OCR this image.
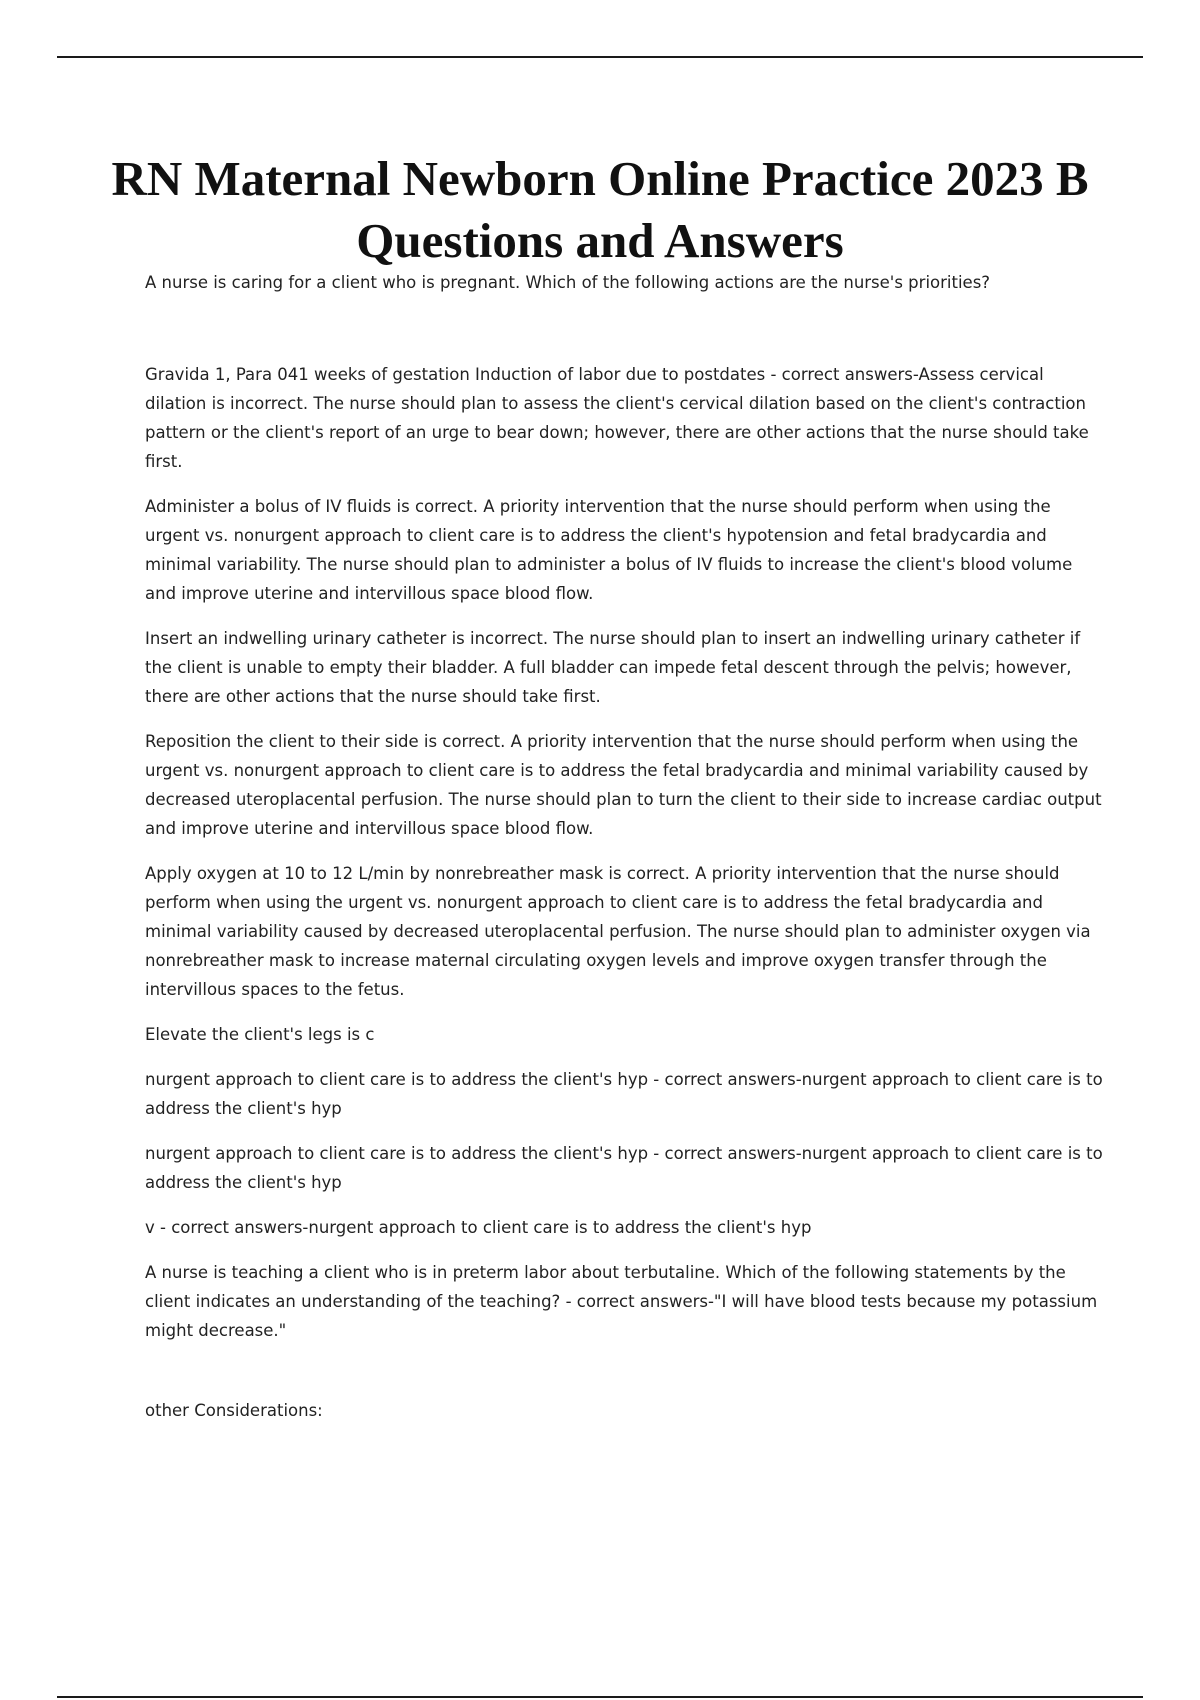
RN Maternal Newborn Online Practice 2023 B Questions and Answers

A nurse is caring for a client who is pregnant. Which of the following actions are the nurse's priorities?

Gravida 1, Para 041 weeks of gestation Induction of labor due to postdates - correct answers-Assess cervical dilation is incorrect. The nurse should plan to assess the client's cervical dilation based on the client's contraction pattern or the client's report of an urge to bear down; however, there are other actions that the nurse should take first.

Administer a bolus of IV fluids is correct. A priority intervention that the nurse should perform when using the urgent vs. nonurgent approach to client care is to address the client's hypotension and fetal bradycardia and minimal variability. The nurse should plan to administer a bolus of IV fluids to increase the client's blood volume and improve uterine and intervillous space blood flow.

Insert an indwelling urinary catheter is incorrect. The nurse should plan to insert an indwelling urinary catheter if the client is unable to empty their bladder. A full bladder can impede fetal descent through the pelvis; however, there are other actions that the nurse should take first.

Reposition the client to their side is correct. A priority intervention that the nurse should perform when using the urgent vs. nonurgent approach to client care is to address the fetal bradycardia and minimal variability caused by decreased uteroplacental perfusion. The nurse should plan to turn the client to their side to increase cardiac output and improve uterine and intervillous space blood flow.

Apply oxygen at 10 to 12 L/min by nonrebreather mask is correct. A priority intervention that the nurse should perform when using the urgent vs. nonurgent approach to client care is to address the fetal bradycardia and minimal variability caused by decreased uteroplacental perfusion. The nurse should plan to administer oxygen via nonrebreather mask to increase maternal circulating oxygen levels and improve oxygen transfer through the intervillous spaces to the fetus.

Elevate the client's legs is c

nurgent approach to client care is to address the client's hyp - correct answers-nurgent approach to client care is to address the client's hyp

nurgent approach to client care is to address the client's hyp - correct answers-nurgent approach to client care is to address the client's hyp

v - correct answers-nurgent approach to client care is to address the client's hyp

A nurse is teaching a client who is in preterm labor about terbutaline. Which of the following statements by the client indicates an understanding of the teaching? - correct answers-"I will have blood tests because my potassium might decrease."

other Considerations:
